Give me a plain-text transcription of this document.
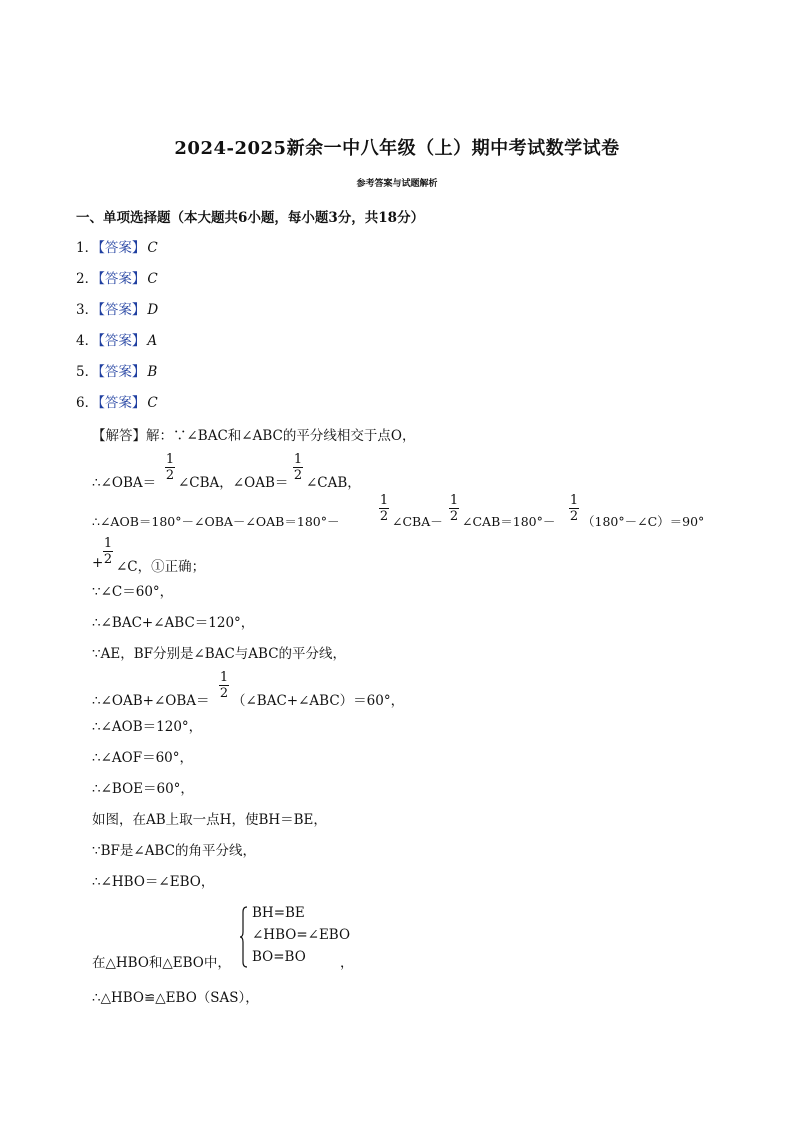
2024-2025新余一中八年级（上）期中考试数学试卷
参考答案与试题解析
一、单项选择题（本大题共6小题，每小题3分，共18分）
1．【答案】 C
2．【答案】 C
3．【答案】 D
4．【答案】 A
5．【答案】 B
6．【答案】 C
【解答】解：∵∠BAC和∠ABC的平分线相交于点O，
∴∠OBA＝
1
2 ∠CBA，∠OAB＝
1
2 ∠CAB，
∴∠AOB＝180°－∠OBA－∠OAB＝180°－
1
2 ∠CBA－
1
2 ∠CAB＝180°－
1
2 （180°－∠C）＝90°
+
1
2 ∠C，①正确；
∵∠C＝60°，
∴∠BAC+∠ABC＝120°，
∵AE，BF分别是∠BAC与ABC的平分线，
∴∠OAB+∠OBA＝
1
2 （∠BAC+∠ABC）＝60°，
∴∠AOB＝120°，
∴∠AOF＝60°，
∴∠BOE＝60°，
如图，在AB上取一点H，使BH＝BE，
∵BF是∠ABC的角平分线，
∴∠HBO＝∠EBO，
在△HBO和△EBO中，
BH=BE
∠HBO=∠EBO
BO=BO	，
∴△HBO≌△EBO（SAS），
